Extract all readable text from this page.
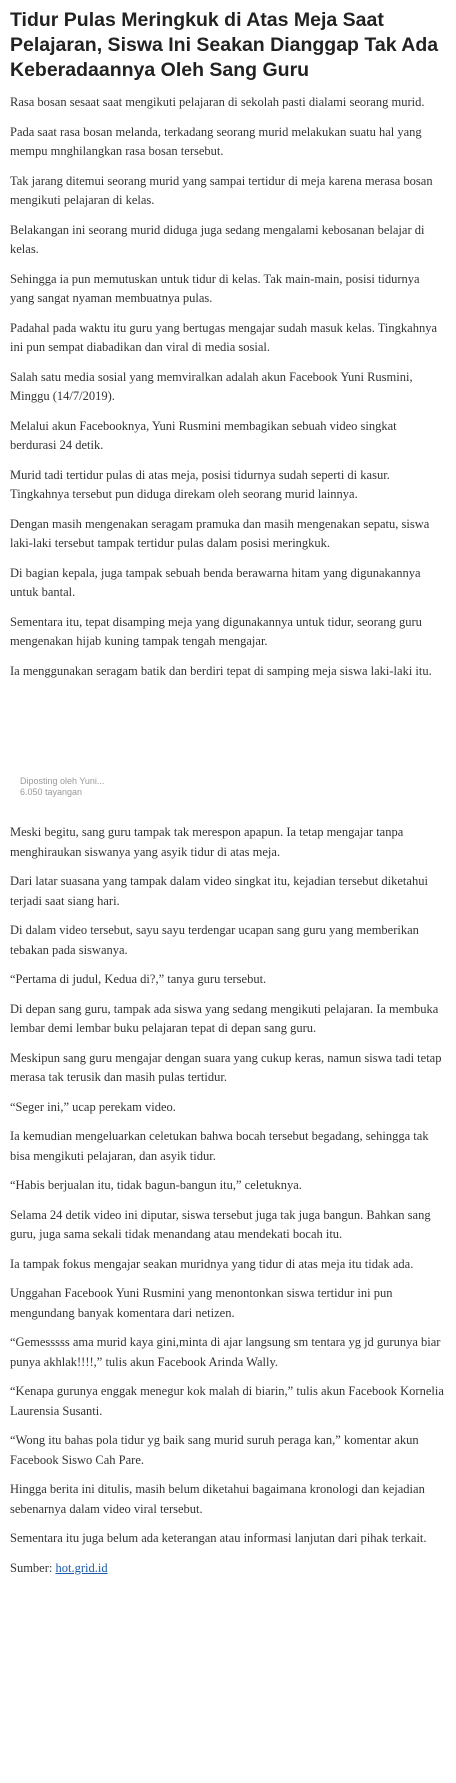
Tidur Pulas Meringkuk di Atas Meja Saat Pelajaran, Siswa Ini Seakan Dianggap Tak Ada Keberadaannya Oleh Sang Guru

Rasa bosan sesaat saat mengikuti pelajaran di sekolah pasti dialami seorang murid.

Pada saat rasa bosan melanda, terkadang seorang murid melakukan suatu hal yang mempu mnghilangkan rasa bosan tersebut.

Tak jarang ditemui seorang murid yang sampai tertidur di meja karena merasa bosan mengikuti pelajaran di kelas.

Belakangan ini seorang murid diduga juga sedang mengalami kebosanan belajar di kelas.

Sehingga ia pun memutuskan untuk tidur di kelas. Tak main-main, posisi tidurnya yang sangat nyaman membuatnya pulas.

Padahal pada waktu itu guru yang bertugas mengajar sudah masuk kelas. Tingkahnya ini pun sempat diabadikan dan viral di media sosial.

Salah satu media sosial yang memviralkan adalah akun Facebook Yuni Rusmini, Minggu (14/7/2019).

Melalui akun Facebooknya, Yuni Rusmini membagikan sebuah video singkat berdurasi 24 detik.

Murid tadi tertidur pulas di atas meja, posisi tidurnya sudah seperti di kasur. Tingkahnya tersebut pun diduga direkam oleh seorang murid lainnya.

Dengan masih mengenakan seragam pramuka dan masih mengenakan sepatu, siswa laki-laki tersebut tampak tertidur pulas dalam posisi meringkuk.

Di bagian kepala, juga tampak sebuah benda berawarna hitam yang digunakannya untuk bantal.

Sementara itu, tepat disamping meja yang digunakannya untuk tidur, seorang guru mengenakan hijab kuning tampak tengah mengajar.

Ia menggunakan seragam batik dan berdiri tepat di samping meja siswa laki-laki itu.

Diposting oleh Yuni...
6.050 tayangan

Meski begitu, sang guru tampak tak merespon apapun. Ia tetap mengajar tanpa menghiraukan siswanya yang asyik tidur di atas meja.

Dari latar suasana yang tampak dalam video singkat itu, kejadian tersebut diketahui terjadi saat siang hari.

Di dalam video tersebut, sayu sayu terdengar ucapan sang guru yang memberikan tebakan pada siswanya.

“Pertama di judul, Kedua di?,” tanya guru tersebut.

Di depan sang guru, tampak ada siswa yang sedang mengikuti pelajaran. Ia membuka lembar demi lembar buku pelajaran tepat di depan sang guru.

Meskipun sang guru mengajar dengan suara yang cukup keras, namun siswa tadi tetap merasa tak terusik dan masih pulas tertidur.

“Seger ini,” ucap perekam video.

Ia kemudian mengeluarkan celetukan bahwa bocah tersebut begadang, sehingga tak bisa mengikuti pelajaran, dan asyik tidur.

“Habis berjualan itu, tidak bagun-bangun itu,” celetuknya.

Selama 24 detik video ini diputar, siswa tersebut juga tak juga bangun. Bahkan sang guru, juga sama sekali tidak menandang atau mendekati bocah itu.

Ia tampak fokus mengajar seakan muridnya yang tidur di atas meja itu tidak ada.

Unggahan Facebook Yuni Rusmini yang menontonkan siswa tertidur ini pun mengundang banyak komentara dari netizen.

“Gemesssss ama murid kaya gini,minta di ajar langsung sm tentara yg jd gurunya biar punya akhlak!!!!,” tulis akun Facebook Arinda Wally.

“Kenapa gurunya enggak menegur kok malah di biarin,” tulis akun Facebook Kornelia Laurensia Susanti.

“Wong itu bahas pola tidur yg baik sang murid suruh peraga kan,” komentar akun Facebook Siswo Cah Pare.

Hingga berita ini ditulis, masih belum diketahui bagaimana kronologi dan kejadian sebenarnya dalam video viral tersebut.

Sementara itu juga belum ada keterangan atau informasi lanjutan dari pihak terkait.

Sumber: hot.grid.id
